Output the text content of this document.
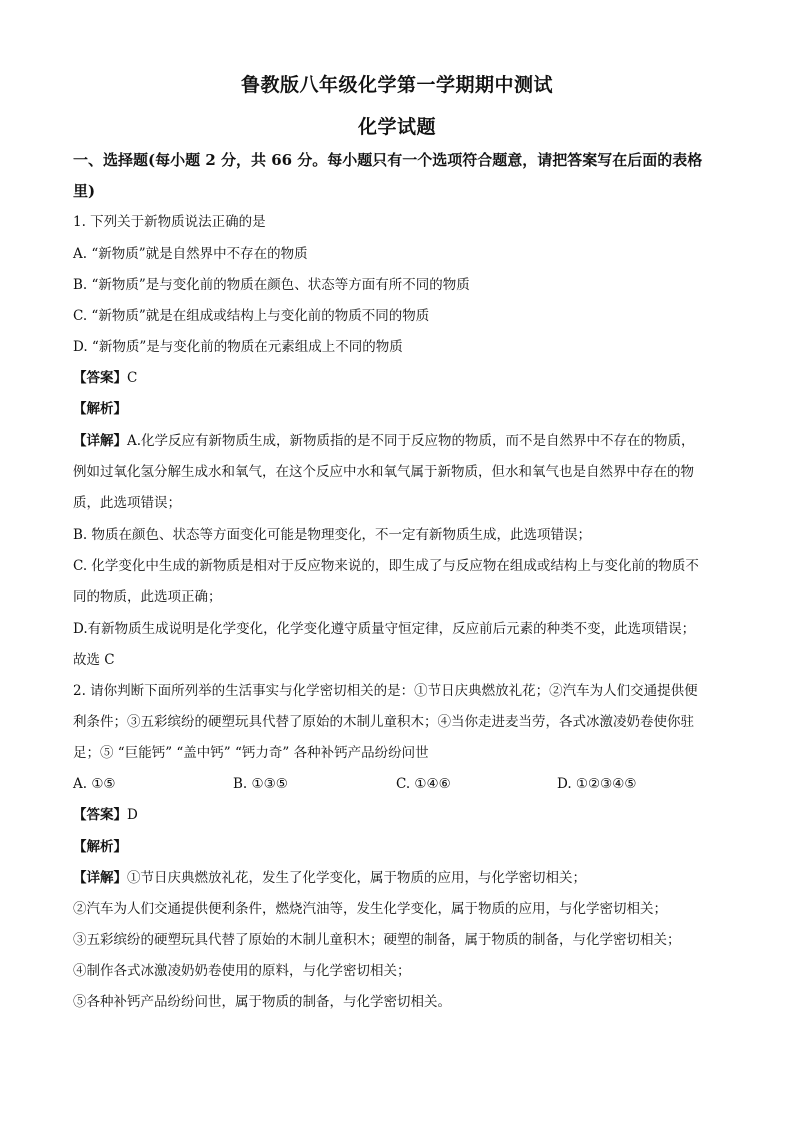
鲁教版八年级化学第一学期期中测试
化学试题
一、选择题(每小题 2 分，共 66 分。每小题只有一个选项符合题意，请把答案写在后面的表格里)
1. 下列关于新物质说法正确的是
A. “新物质”就是自然界中不存在的物质
B. “新物质”是与变化前的物质在颜色、状态等方面有所不同的物质
C. “新物质”就是在组成或结构上与变化前的物质不同的物质
D. “新物质”是与变化前的物质在元素组成上不同的物质
【答案】C
【解析】
【详解】A.化学反应有新物质生成，新物质指的是不同于反应物的物质，而不是自然界中不存在的物质，
例如过氧化氢分解生成水和氧气，在这个反应中水和氧气属于新物质，但水和氧气也是自然界中存在的物
质，此选项错误；
B. 物质在颜色、状态等方面变化可能是物理变化，不一定有新物质生成，此选项错误；
C. 化学变化中生成的新物质是相对于反应物来说的，即生成了与反应物在组成或结构上与变化前的物质不
同的物质，此选项正确；
D.有新物质生成说明是化学变化，化学变化遵守质量守恒定律，反应前后元素的种类不变，此选项错误；
故选 C
2. 请你判断下面所列举的生活事实与化学密切相关的是：①节日庆典燃放礼花；②汽车为人们交通提供便
利条件；③五彩缤纷的硬塑玩具代替了原始的木制儿童积木；④当你走进麦当劳，各式冰激凌奶卷使你驻
足；⑤ “巨能钙” “盖中钙” “钙力奇” 各种补钙产品纷纷问世
A. ①⑤	B. ①③⑤	C. ①④⑥	D. ①②③④⑤
【答案】D
【解析】
【详解】①节日庆典燃放礼花，发生了化学变化，属于物质的应用，与化学密切相关；
②汽车为人们交通提供便利条件，燃烧汽油等，发生化学变化，属于物质的应用，与化学密切相关；
③五彩缤纷的硬塑玩具代替了原始的木制儿童积木；硬塑的制备，属于物质的制备，与化学密切相关；
④制作各式冰激凌奶奶卷使用的原料，与化学密切相关；
⑤各种补钙产品纷纷问世，属于物质的制备，与化学密切相关。
